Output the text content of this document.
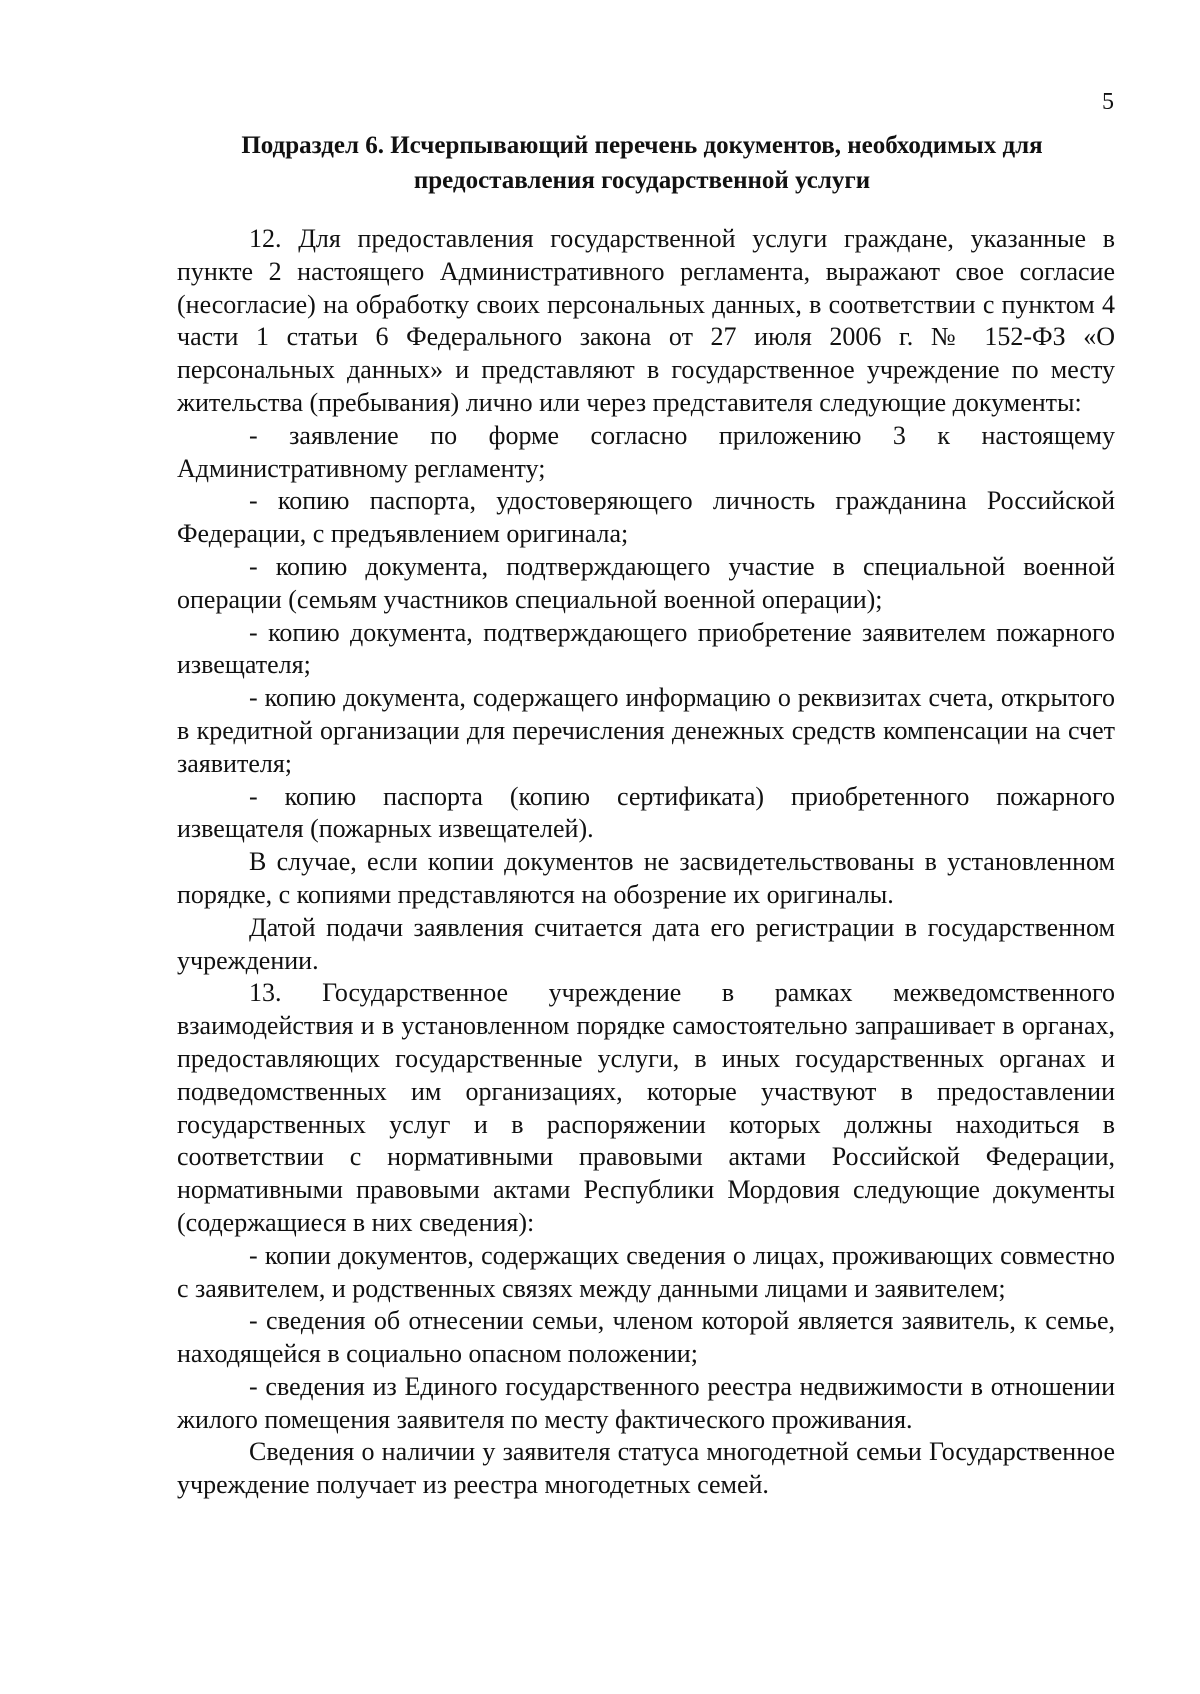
5
Подраздел 6. Исчерпывающий перечень документов, необходимых для
предоставления государственной услуги

12. Для предоставления государственной услуги граждане, указанные в пункте 2 настоящего Административного регламента, выражают свое согласие (несогласие) на обработку своих персональных данных, в соответствии с пунктом 4 части 1 статьи 6 Федерального закона от 27 июля 2006 г. № 152-ФЗ «О персональных данных» и представляют в государственное учреждение по месту жительства (пребывания) лично или через представителя следующие документы:

- заявление по форме согласно приложению 3 к настоящему Административному регламенту;

- копию паспорта, удостоверяющего личность гражданина Российской Федерации, с предъявлением оригинала;

- копию документа, подтверждающего участие в специальной военной операции (семьям участников специальной военной операции);

- копию документа, подтверждающего приобретение заявителем пожарного извещателя;

- копию документа, содержащего информацию о реквизитах счета, открытого в кредитной организации для перечисления денежных средств компенсации на счет заявителя;

- копию паспорта (копию сертификата) приобретенного пожарного извещателя (пожарных извещателей).

В случае, если копии документов не засвидетельствованы в установленном порядке, с копиями представляются на обозрение их оригиналы.

Датой подачи заявления считается дата его регистрации в государственном учреждении.

13. Государственное учреждение в рамках межведомственного взаимодействия и в установленном порядке самостоятельно запрашивает в органах, предоставляющих государственные услуги, в иных государственных органах и подведомственных им организациях, которые участвуют в предоставлении государственных услуг и в распоряжении которых должны находиться в соответствии с нормативными правовыми актами Российской Федерации, нормативными правовыми актами Республики Мордовия следующие документы (содержащиеся в них сведения):

- копии документов, содержащих сведения о лицах, проживающих совместно с заявителем, и родственных связях между данными лицами и заявителем;

- сведения об отнесении семьи, членом которой является заявитель, к семье, находящейся в социально опасном положении;

- сведения из Единого государственного реестра недвижимости в отношении жилого помещения заявителя по месту фактического проживания.

Сведения о наличии у заявителя статуса многодетной семьи Государственное учреждение получает из реестра многодетных семей.
